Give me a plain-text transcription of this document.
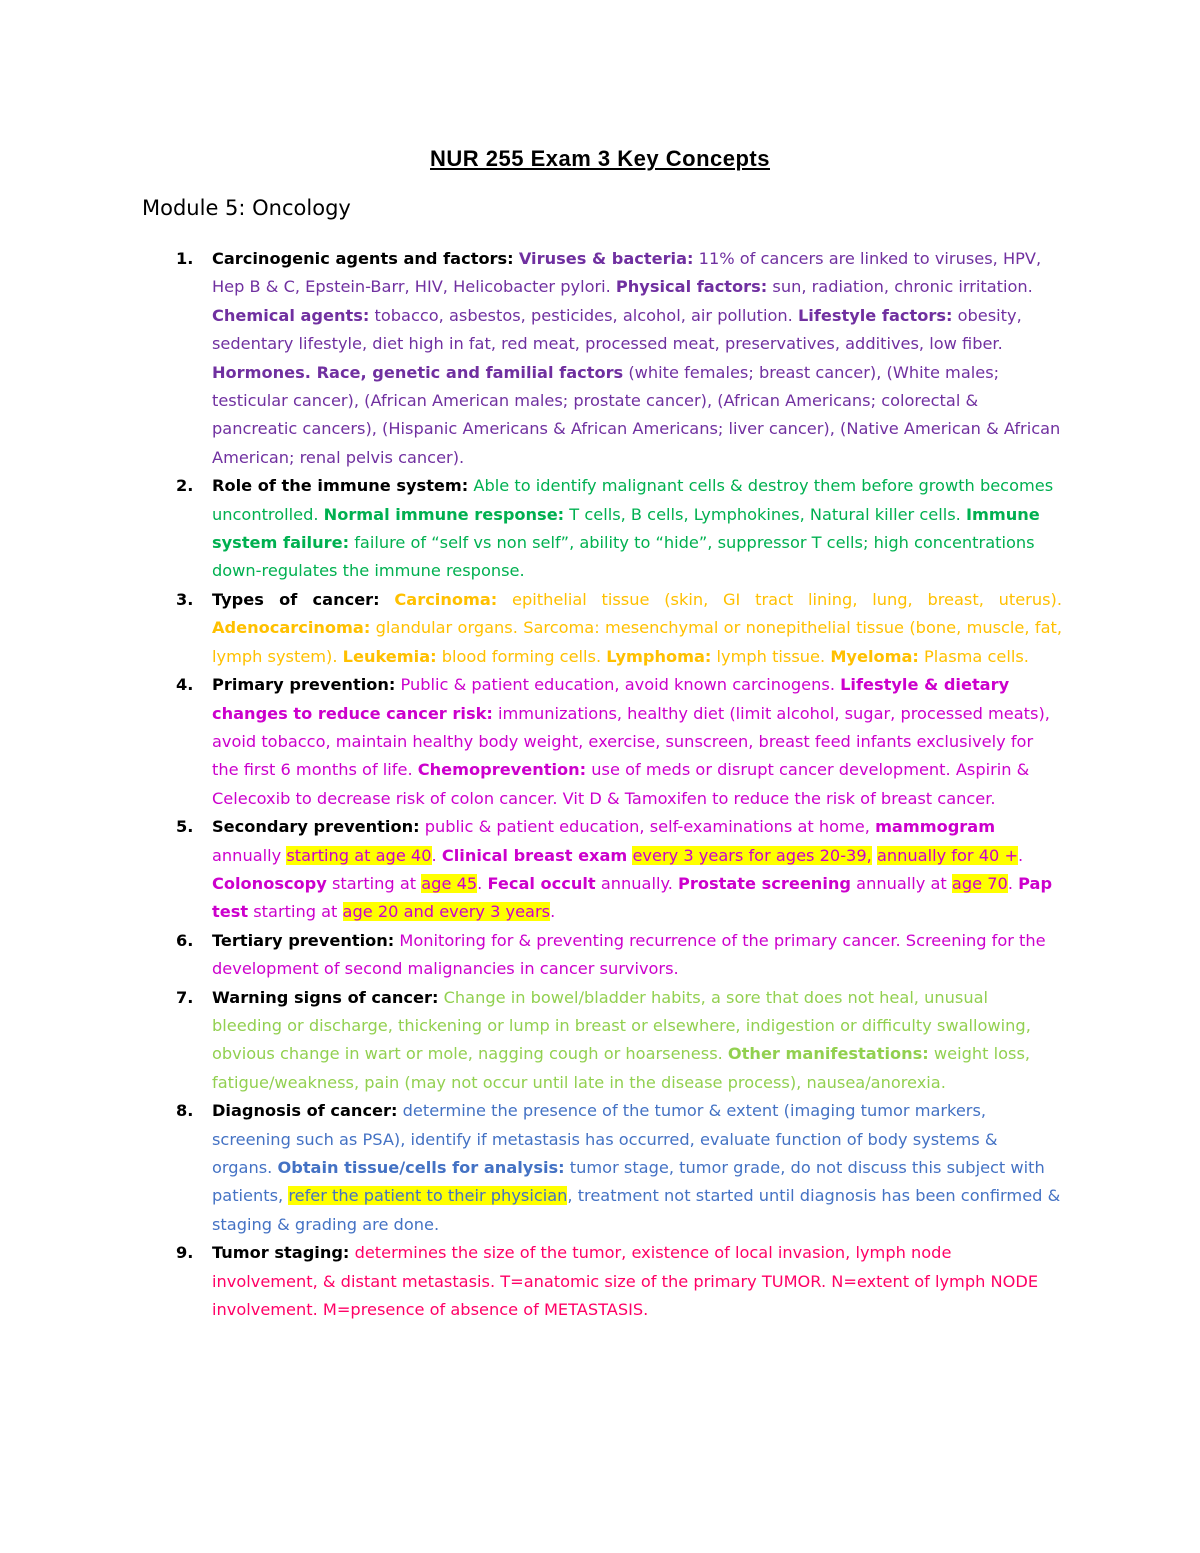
NUR 255 Exam 3 Key Concepts
Module 5: Oncology
1. Carcinogenic agents and factors: Viruses & bacteria: 11% of cancers are linked to viruses, HPV, Hep B & C, Epstein-Barr, HIV, Helicobacter pylori. Physical factors: sun, radiation, chronic irritation. Chemical agents: tobacco, asbestos, pesticides, alcohol, air pollution. Lifestyle factors: obesity, sedentary lifestyle, diet high in fat, red meat, processed meat, preservatives, additives, low fiber. Hormones. Race, genetic and familial factors (white females; breast cancer), (White males; testicular cancer), (African American males; prostate cancer), (African Americans; colorectal & pancreatic cancers), (Hispanic Americans & African Americans; liver cancer), (Native American & African American; renal pelvis cancer).
2. Role of the immune system: Able to identify malignant cells & destroy them before growth becomes uncontrolled. Normal immune response: T cells, B cells, Lymphokines, Natural killer cells. Immune system failure: failure of “self vs non self”, ability to “hide”, suppressor T cells; high concentrations down-regulates the immune response.
3. Types of cancer: Carcinoma: epithelial tissue (skin, GI tract lining, lung, breast, uterus). Adenocarcinoma: glandular organs. Sarcoma: mesenchymal or nonepithelial tissue (bone, muscle, fat, lymph system). Leukemia: blood forming cells. Lymphoma: lymph tissue. Myeloma: Plasma cells.
4. Primary prevention: Public & patient education, avoid known carcinogens. Lifestyle & dietary changes to reduce cancer risk: immunizations, healthy diet (limit alcohol, sugar, processed meats), avoid tobacco, maintain healthy body weight, exercise, sunscreen, breast feed infants exclusively for the first 6 months of life. Chemoprevention: use of meds or disrupt cancer development. Aspirin & Celecoxib to decrease risk of colon cancer. Vit D & Tamoxifen to reduce the risk of breast cancer.
5. Secondary prevention: public & patient education, self-examinations at home, mammogram annually starting at age 40. Clinical breast exam every 3 years for ages 20-39, annually for 40 +. Colonoscopy starting at age 45. Fecal occult annually. Prostate screening annually at age 70. Pap test starting at age 20 and every 3 years.
6. Tertiary prevention: Monitoring for & preventing recurrence of the primary cancer. Screening for the development of second malignancies in cancer survivors.
7. Warning signs of cancer: Change in bowel/bladder habits, a sore that does not heal, unusual bleeding or discharge, thickening or lump in breast or elsewhere, indigestion or difficulty swallowing, obvious change in wart or mole, nagging cough or hoarseness. Other manifestations: weight loss, fatigue/weakness, pain (may not occur until late in the disease process), nausea/anorexia.
8. Diagnosis of cancer: determine the presence of the tumor & extent (imaging tumor markers, screening such as PSA), identify if metastasis has occurred, evaluate function of body systems & organs. Obtain tissue/cells for analysis: tumor stage, tumor grade, do not discuss this subject with patients, refer the patient to their physician, treatment not started until diagnosis has been confirmed & staging & grading are done.
9. Tumor staging: determines the size of the tumor, existence of local invasion, lymph node involvement, & distant metastasis. T=anatomic size of the primary TUMOR. N=extent of lymph NODE involvement. M=presence of absence of METASTASIS.
